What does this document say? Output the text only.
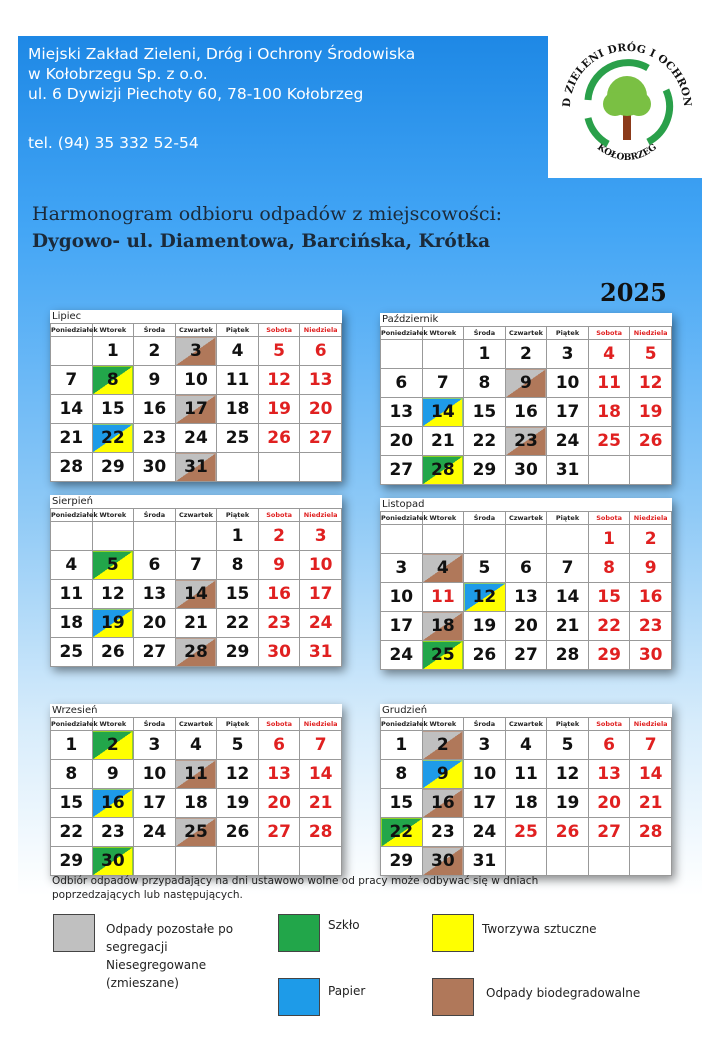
Miejski Zakład Zieleni, Dróg i Ochrony Środowiska
w Kołobrzegu Sp. z o.o.
ul. 6 Dywizji Piechoty 60, 78-100 Kołobrzeg
tel. (94) 35 332 52-54
D ZIELENI DRÓG I OCHRON
KOŁOBRZEG
Harmonogram odbioru odpadów z miejscowości:
Dygowo- ul. Diamentowa, Barcińska, Krótka
2025
Lipiec
Poniedziałek	Wtorek	Środa	Czwartek	Piątek	Sobota	Niedziela
	1	2	3	4	5	6
7	8	9	10	11	12	13
14	15	16	17	18	19	20
21	22	23	24	25	26	27
28	29	30	31			
Sierpień
Poniedziałek	Wtorek	Środa	Czwartek	Piątek	Sobota	Niedziela
				1	2	3
4	5	6	7	8	9	10
11	12	13	14	15	16	17
18	19	20	21	22	23	24
25	26	27	28	29	30	31
Wrzesień
Poniedziałek	Wtorek	Środa	Czwartek	Piątek	Sobota	Niedziela
1	2	3	4	5	6	7
8	9	10	11	12	13	14
15	16	17	18	19	20	21
22	23	24	25	26	27	28
29	30					
Październik
Poniedziałek	Wtorek	Środa	Czwartek	Piątek	Sobota	Niedziela
		1	2	3	4	5
6	7	8	9	10	11	12
13	14	15	16	17	18	19
20	21	22	23	24	25	26
27	28	29	30	31		
Listopad
Poniedziałek	Wtorek	Środa	Czwartek	Piątek	Sobota	Niedziela
					1	2
3	4	5	6	7	8	9
10	11	12	13	14	15	16
17	18	19	20	21	22	23
24	25	26	27	28	29	30
Grudzień
Poniedziałek	Wtorek	Środa	Czwartek	Piątek	Sobota	Niedziela
1	2	3	4	5	6	7
8	9	10	11	12	13	14
15	16	17	18	19	20	21
22	23	24	25	26	27	28
29	30	31				
Odbiór odpadów przypadający na dni ustawowo wolne od pracy może odbywać się w dniach poprzedzających lub następujących.
Odpady pozostałe po segregacji Niesegregowane (zmieszane)
Szkło	Tworzywa sztuczne
Papier	Odpady biodegradowalne
